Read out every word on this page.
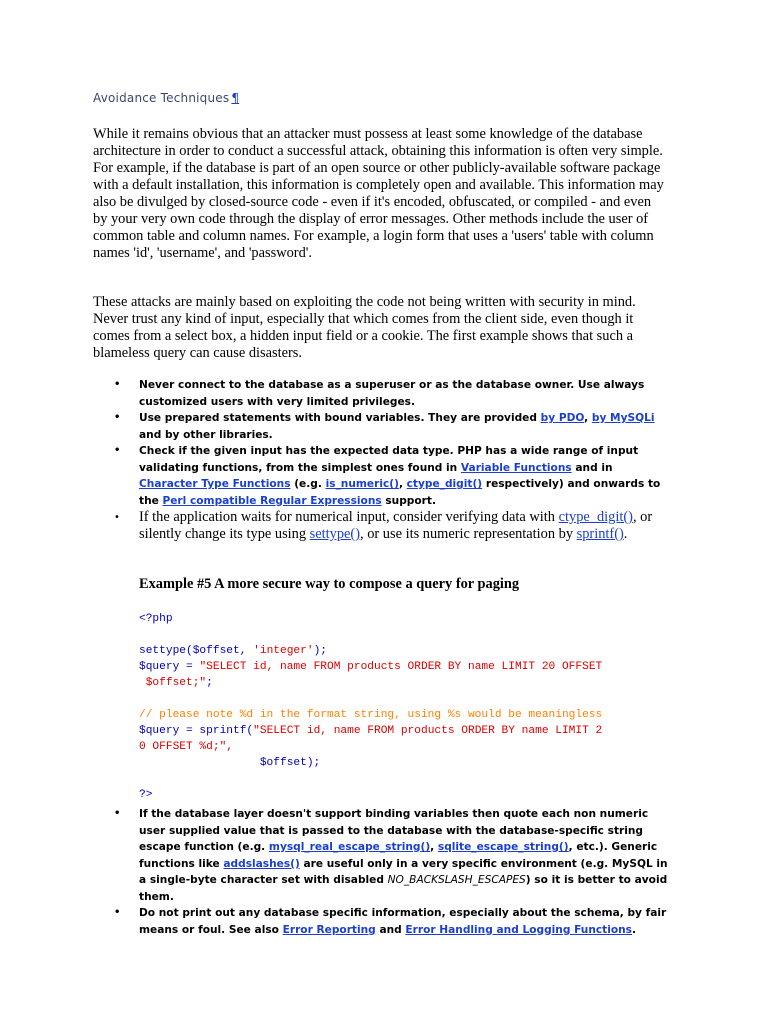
Avoidance Techniques ¶

While it remains obvious that an attacker must possess at least some knowledge of the database architecture in order to conduct a successful attack, obtaining this information is often very simple. For example, if the database is part of an open source or other publicly-available software package with a default installation, this information is completely open and available. This information may also be divulged by closed-source code - even if it's encoded, obfuscated, or compiled - and even by your very own code through the display of error messages. Other methods include the user of common table and column names. For example, a login form that uses a 'users' table with column names 'id', 'username', and 'password'.

These attacks are mainly based on exploiting the code not being written with security in mind. Never trust any kind of input, especially that which comes from the client side, even though it comes from a select box, a hidden input field or a cookie. The first example shows that such a blameless query can cause disasters.

• Never connect to the database as a superuser or as the database owner. Use always customized users with very limited privileges.
• Use prepared statements with bound variables. They are provided by PDO, by MySQLi and by other libraries.
• Check if the given input has the expected data type. PHP has a wide range of input validating functions, from the simplest ones found in Variable Functions and in Character Type Functions (e.g. is_numeric(), ctype_digit() respectively) and onwards to the Perl compatible Regular Expressions support.
• If the application waits for numerical input, consider verifying data with ctype_digit(), or silently change its type using settype(), or use its numeric representation by sprintf().

Example #5 A more secure way to compose a query for paging

<?php

settype($offset, 'integer');
$query = "SELECT id, name FROM products ORDER BY name LIMIT 20 OFFSET
$offset;";

// please note %d in the format string, using %s would be meaningless
$query = sprintf("SELECT id, name FROM products ORDER BY name LIMIT 2
0 OFFSET %d;",
$offset);

?>
• If the database layer doesn't support binding variables then quote each non numeric user supplied value that is passed to the database with the database-specific string escape function (e.g. mysql_real_escape_string(), sqlite_escape_string(), etc.). Generic functions like addslashes() are useful only in a very specific environment (e.g. MySQL in a single-byte character set with disabled NO_BACKSLASH_ESCAPES) so it is better to avoid them.
• Do not print out any database specific information, especially about the schema, by fair means or foul. See also Error Reporting and Error Handling and Logging Functions.
